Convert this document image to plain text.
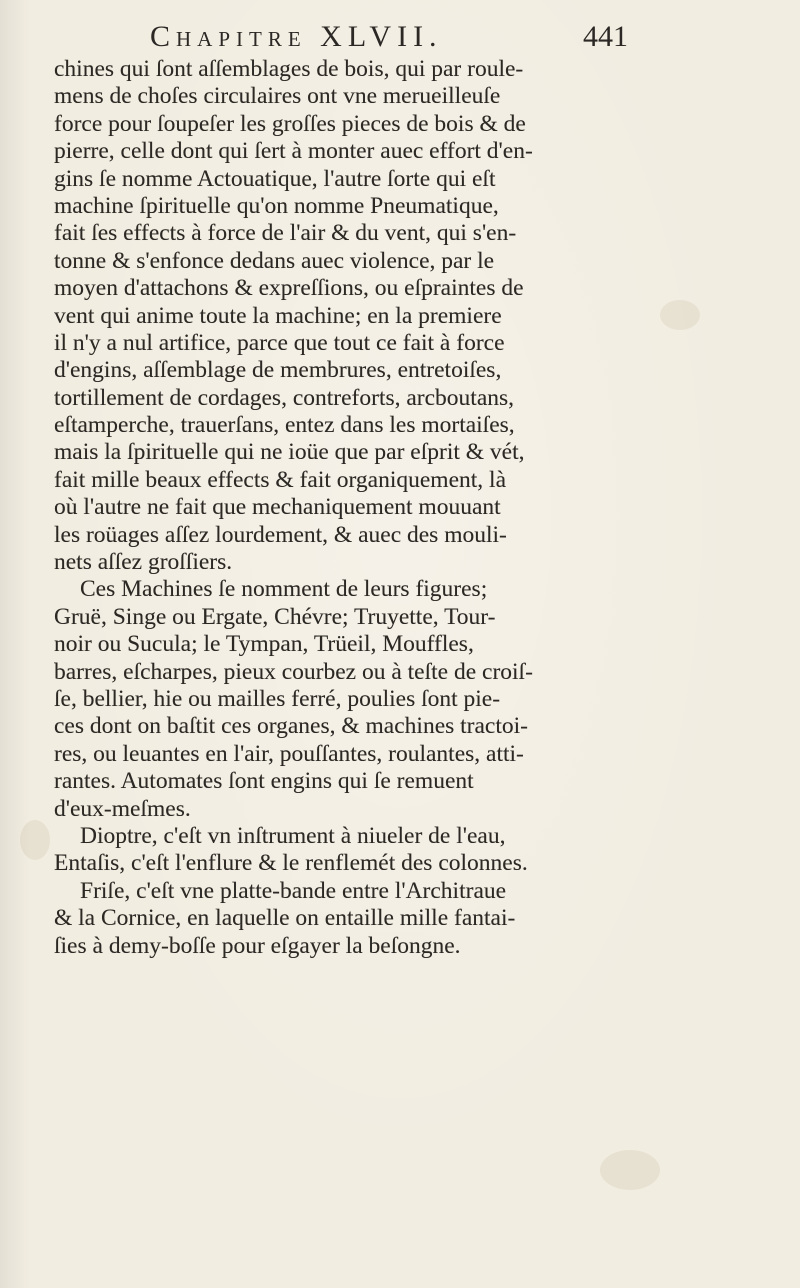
Chapitre XLVII.	441
chines qui ſont aſſemblages de bois, qui par roule-
mens de choſes circulaires ont vne merueilleuſe
force pour ſoupeſer les groſſes pieces de bois & de
pierre, celle dont qui ſert à monter auec effort d'en-
gins ſe nomme Actouatique, l'autre ſorte qui eſt
machine ſpirituelle qu'on nomme Pneumatique,
fait ſes effects à force de l'air & du vent, qui s'en-
tonne & s'enfonce dedans auec violence, par le
moyen d'attachons & expreſſions, ou eſpraintes de
vent qui anime toute la machine; en la premiere
il n'y a nul artifice, parce que tout ce fait à force
d'engins, aſſemblage de membrures, entretoiſes,
tortillement de cordages, contreforts, arcboutans,
eſtamperche, trauerſans, entez dans les mortaiſes,
mais la ſpirituelle qui ne ioüe que par eſprit & vét,
fait mille beaux effects & fait organiquement, là
où l'autre ne fait que mechaniquement mouuant
les roüages aſſez lourdement, & auec des mouli-
nets aſſez groſſiers.
Ces Machines ſe nomment de leurs figures;
Gruë, Singe ou Ergate, Chévre; Truyette, Tour-
noir ou Sucula; le Tympan, Trüeil, Mouffles,
barres, eſcharpes, pieux courbez ou à teſte de croiſ-
ſe, bellier, hie ou mailles ferré, poulies ſont pie-
ces dont on baſtit ces organes, & machines tractoi-
res, ou leuantes en l'air, pouſſantes, roulantes, atti-
rantes. Automates ſont engins qui ſe remuent
d'eux-meſmes.
Dioptre, c'eſt vn inſtrument à niueler de l'eau,
Entaſis, c'eſt l'enflure & le renflemét des colonnes.
Friſe, c'eſt vne platte-bande entre l'Architraue
& la Cornice, en laquelle on entaille mille fantai-
ſies à demy-boſſe pour eſgayer la beſongne.
